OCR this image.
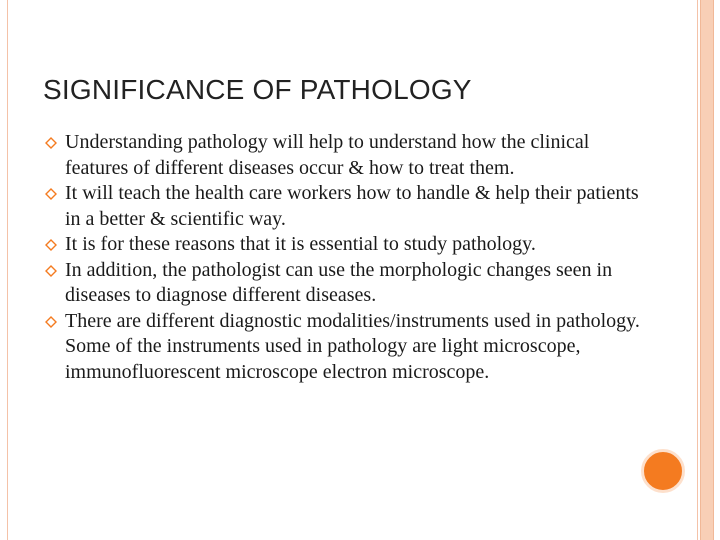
SIGNIFICANCE OF PATHOLOGY
Understanding pathology will help to understand how the clinical features of different diseases occur & how to treat them.
It will teach the health care workers how to handle & help their patients in a better & scientific way.
It is for these reasons that it is essential to study pathology.
In addition, the pathologist can use the morphologic changes seen in diseases to diagnose different diseases.
There are different diagnostic modalities/instruments used in pathology. Some of the instruments used in pathology are light microscope, immunofluorescent microscope electron microscope.
